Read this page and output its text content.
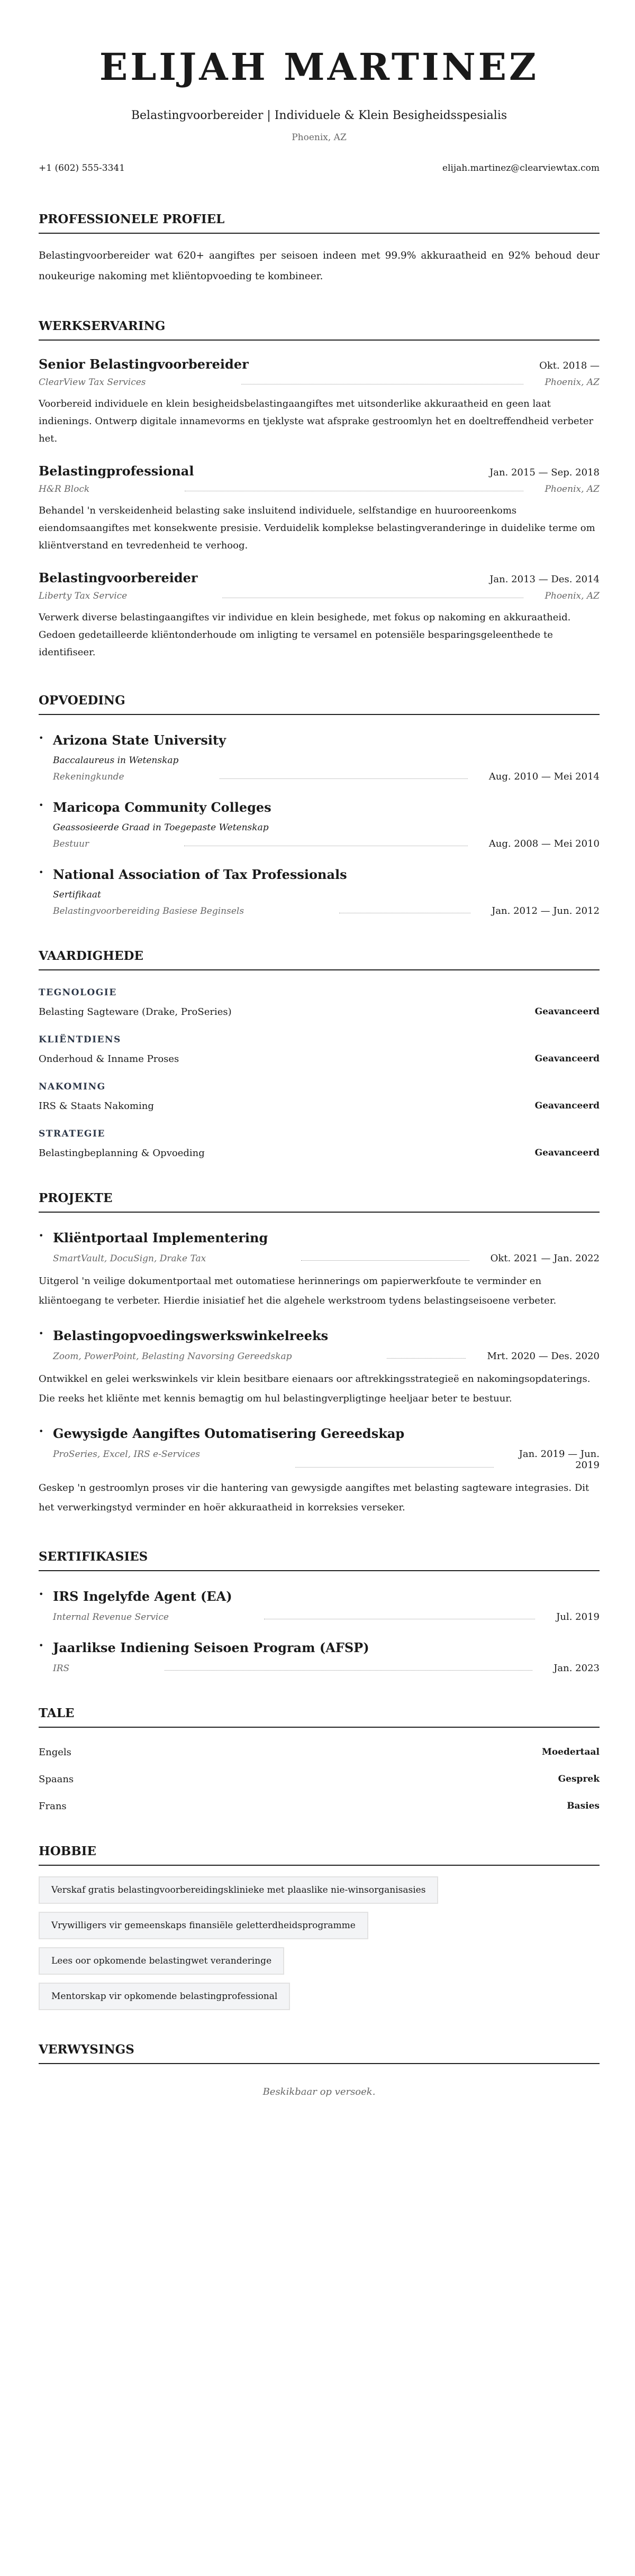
ELIJAH MARTINEZ
Belastingvoorbereider | Individuele & Klein Besigheidsspesialis
Phoenix, AZ
+1 (602) 555-3341	elijah.martinez@clearviewtax.com
PROFESSIONELE PROFIEL

Belastingvoorbereider wat 620+ aangiftes per seisoen indeen met 99.9% akkuraatheid en 92% behoud deur noukeurige nakoming met kliëntopvoeding te kombineer.

WERKSERVARING
Senior Belastingvoorbereider	Okt. 2018 —
ClearView Tax Services	Phoenix, AZ

Voorbereid individuele en klein besigheidsbelastingaangiftes met uitsonderlike akkuraatheid en geen laat indienings. Ontwerp digitale innamevorms en tjeklyste wat afsprake gestroomlyn het en doeltreffendheid verbeter het.

Belastingprofessional	Jan. 2015 — Sep. 2018
H&R Block	Phoenix, AZ

Behandel 'n verskeidenheid belasting sake insluitend individuele, selfstandige en huurooreenkoms eiendomsaangiftes met konsekwente presisie. Verduidelik komplekse belastingveranderinge in duidelike terme om kliëntverstand en tevredenheid te verhoog.

Belastingvoorbereider	Jan. 2013 — Des. 2014
Liberty Tax Service	Phoenix, AZ

Verwerk diverse belastingaangiftes vir individue en klein besighede, met fokus op nakoming en akkuraatheid. Gedoen gedetailleerde kliëntonderhoude om inligting te versamel en potensiële besparingsgeleenthede te identifiseer.

OPVOEDING
• Arizona State University
Baccalaureus in Wetenskap
Rekeningkunde	Aug. 2010 — Mei 2014
• Maricopa Community Colleges
Geassosieerde Graad in Toegepaste Wetenskap
Bestuur	Aug. 2008 — Mei 2010
• National Association of Tax Professionals
Sertifikaat
Belastingvoorbereiding Basiese Beginsels	Jan. 2012 — Jun. 2012
VAARDIGHEDE
TEGNOLOGIE
Belasting Sagteware (Drake, ProSeries)	Geavanceerd
KLIËNTDIENS
Onderhoud & Inname Proses	Geavanceerd
NAKOMING
IRS & Staats Nakoming	Geavanceerd
STRATEGIE
Belastingbeplanning & Opvoeding	Geavanceerd
PROJEKTE
• Kliëntportaal Implementering
SmartVault, DocuSign, Drake Tax	Okt. 2021 — Jan. 2022

Uitgerol 'n veilige dokumentportaal met outomatiese herinnerings om papierwerkfoute te verminder en kliëntoegang te verbeter. Hierdie inisiatief het die algehele werkstroom tydens belastingseisoene verbeter.

• Belastingopvoedingswerkswinkelreeks
Zoom, PowerPoint, Belasting Navorsing Gereedskap	Mrt. 2020 — Des. 2020

Ontwikkel en gelei werkswinkels vir klein besitbare eienaars oor aftrekkingsstrategieë en nakomingsopdaterings. Die reeks het kliënte met kennis bemagtig om hul belastingverpligtinge heeljaar beter te bestuur.

• Gewysigde Aangiftes Outomatisering Gereedskap
ProSeries, Excel, IRS e-Services	Jan. 2019 — Jun. 2019

Geskep 'n gestroomlyn proses vir die hantering van gewysigde aangiftes met belasting sagteware integrasies. Dit het verwerkingstyd verminder en hoër akkuraatheid in korreksies verseker.

SERTIFIKASIES
• IRS Ingelyfde Agent (EA)
Internal Revenue Service	Jul. 2019
• Jaarlikse Indiening Seisoen Program (AFSP)
IRS	Jan. 2023
TALE
Engels	Moedertaal
Spaans	Gesprek
Frans	Basies
HOBBIE
Verskaf gratis belastingvoorbereidingsklinieke met plaaslike nie-winsorganisasies
Vrywilligers vir gemeenskaps finansiële geletterdheidsprogramme
Lees oor opkomende belastingwet veranderinge
Mentorskap vir opkomende belastingprofessional
VERWYSINGS
Beskikbaar op versoek.
